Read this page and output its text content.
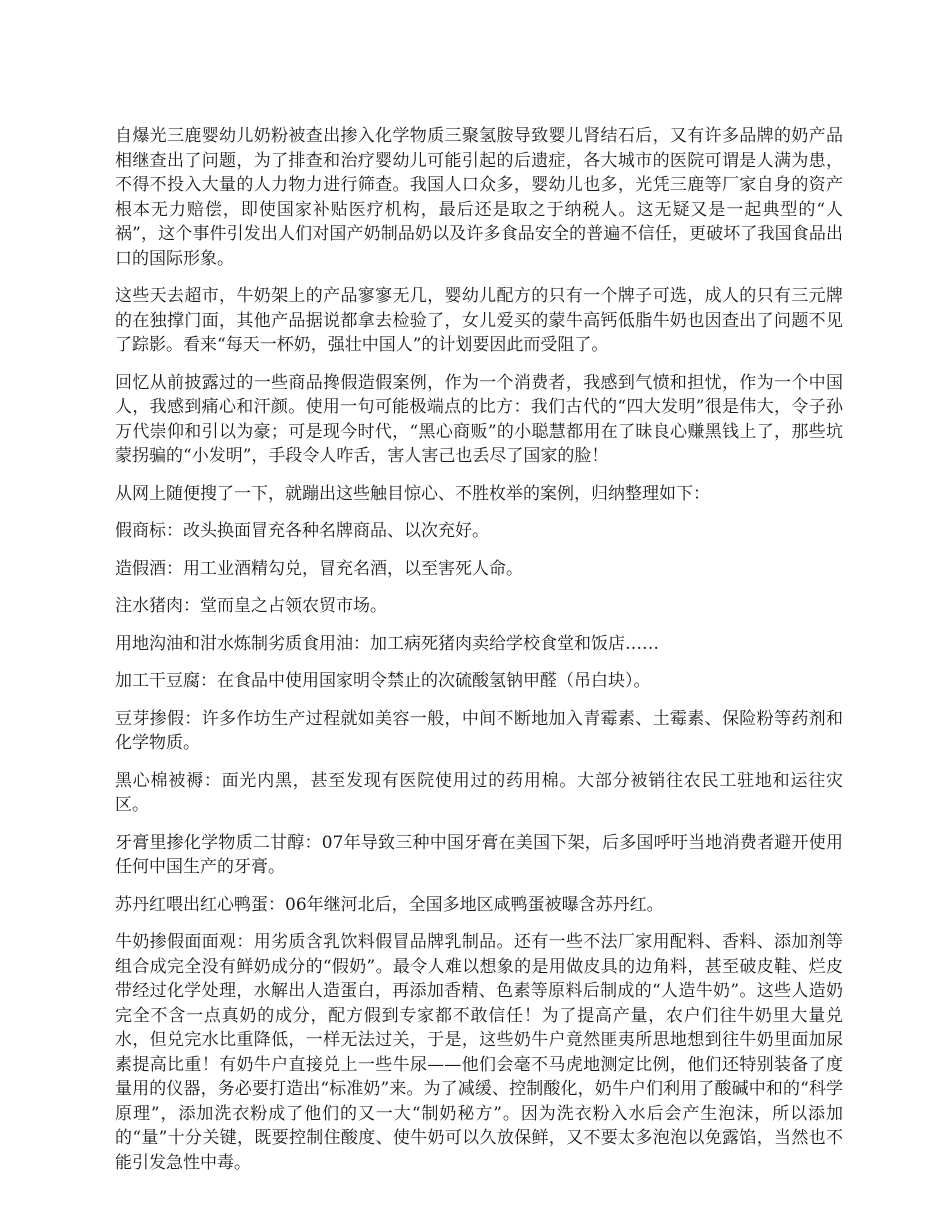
自爆光三鹿婴幼儿奶粉被查出掺入化学物质三聚氢胺导致婴儿肾结石后，又有许多品牌的奶产品相继查出了问题，为了排查和治疗婴幼儿可能引起的后遗症，各大城市的医院可谓是人满为患，不得不投入大量的人力物力进行筛查。我国人口众多，婴幼儿也多，光凭三鹿等厂家自身的资产根本无力赔偿，即使国家补贴医疗机构，最后还是取之于纳税人。这无疑又是一起典型的“人祸”，这个事件引发出人们对国产奶制品奶以及许多食品安全的普遍不信任，更破坏了我国食品出口的国际形象。

这些天去超市，牛奶架上的产品寥寥无几，婴幼儿配方的只有一个牌子可选，成人的只有三元牌的在独撑门面，其他产品据说都拿去检验了，女儿爱买的蒙牛高钙低脂牛奶也因查出了问题不见了踪影。看来“每天一杯奶，强壮中国人”的计划要因此而受阻了。

回忆从前披露过的一些商品搀假造假案例，作为一个消费者，我感到气愤和担忧，作为一个中国人，我感到痛心和汗颜。使用一句可能极端点的比方：我们古代的“四大发明”很是伟大，令子孙万代崇仰和引以为豪；可是现今时代，“黑心商贩”的小聪慧都用在了昧良心赚黑钱上了，那些坑蒙拐骗的“小发明”，手段令人咋舌，害人害己也丢尽了国家的脸！

从网上随便搜了一下，就蹦出这些触目惊心、不胜枚举的案例，归纳整理如下：

假商标：改头换面冒充各种名牌商品、以次充好。

造假酒：用工业酒精勾兑，冒充名酒，以至害死人命。

注水猪肉：堂而皇之占领农贸市场。

用地沟油和泔水炼制劣质食用油：加工病死猪肉卖给学校食堂和饭店……

加工干豆腐：在食品中使用国家明令禁止的次硫酸氢钠甲醛（吊白块）。

豆芽掺假：许多作坊生产过程就如美容一般，中间不断地加入青霉素、土霉素、保险粉等药剂和化学物质。

黑心棉被褥：面光内黑，甚至发现有医院使用过的药用棉。大部分被销往农民工驻地和运往灾区。

牙膏里掺化学物质二甘醇：07年导致三种中国牙膏在美国下架，后多国呼吁当地消费者避开使用任何中国生产的牙膏。

苏丹红喂出红心鸭蛋：06年继河北后，全国多地区咸鸭蛋被曝含苏丹红。

牛奶掺假面面观：用劣质含乳饮料假冒品牌乳制品。还有一些不法厂家用配料、香料、添加剂等组合成完全没有鲜奶成分的“假奶”。最令人难以想象的是用做皮具的边角料，甚至破皮鞋、烂皮带经过化学处理，水解出人造蛋白，再添加香精、色素等原料后制成的“人造牛奶”。这些人造奶完全不含一点真奶的成分，配方假到专家都不敢信任！为了提高产量，农户们往牛奶里大量兑水，但兑完水比重降低，一样无法过关，于是，这些奶牛户竟然匪夷所思地想到往牛奶里面加尿素提高比重！有奶牛户直接兑上一些牛尿——他们会毫不马虎地测定比例，他们还特别装备了度量用的仪器，务必要打造出“标准奶”来。为了减缓、控制酸化，奶牛户们利用了酸碱中和的“科学原理”，添加洗衣粉成了他们的又一大“制奶秘方”。因为洗衣粉入水后会产生泡沫，所以添加的“量”十分关键，既要控制住酸度、使牛奶可以久放保鲜，又不要太多泡泡以免露馅，当然也不能引发急性中毒。
